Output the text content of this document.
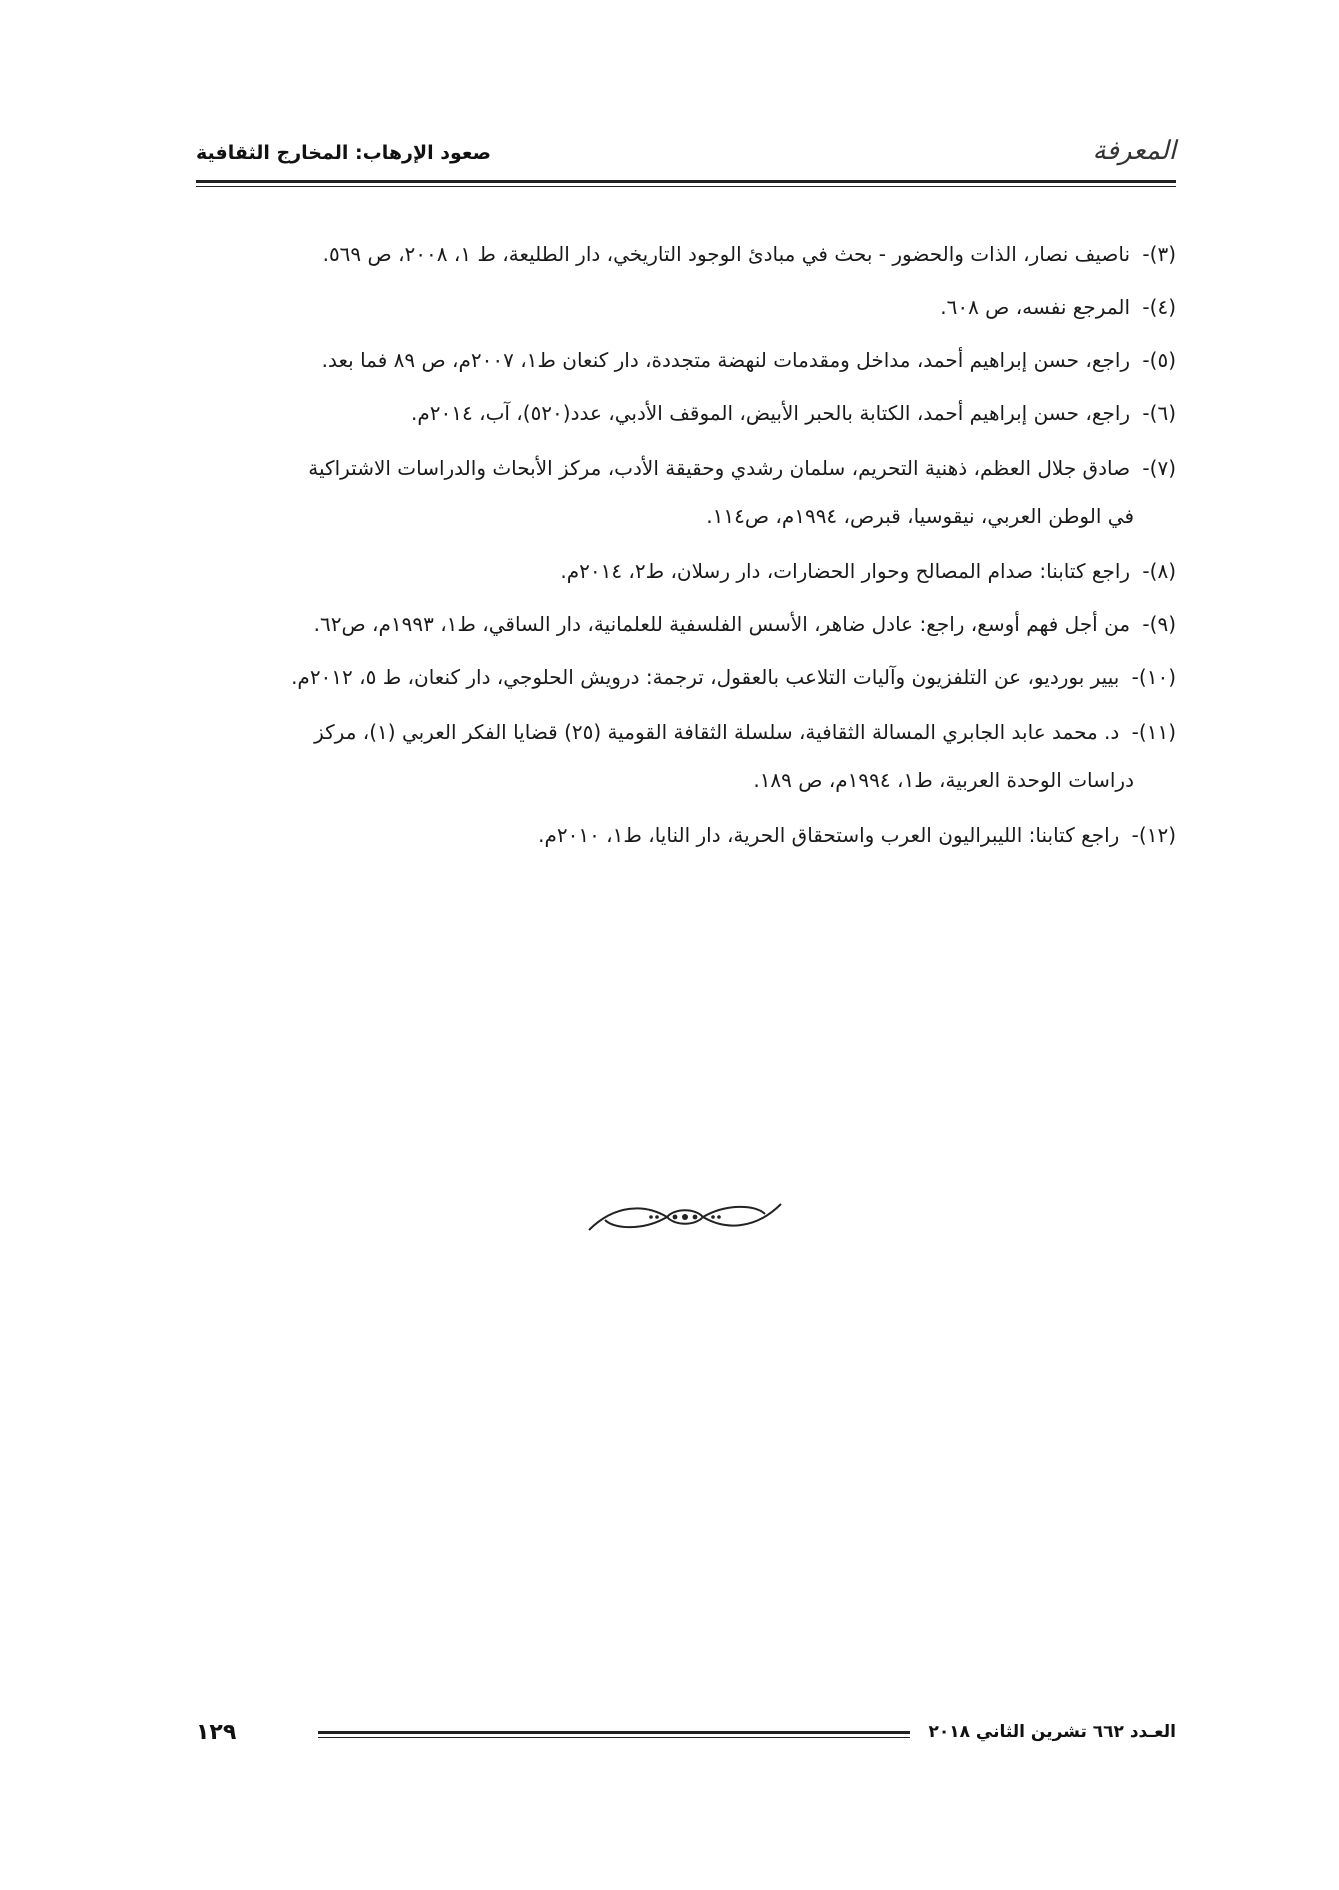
المعرفة
صعود الإرهاب: المخارج الثقافية

(٣)- ناصيف نصار، الذات والحضور - بحث في مبادئ الوجود التاريخي، دار الطليعة، ط ١، ٢٠٠٨، ص ٥٦٩.

(٤)- المرجع نفسه، ص ٦٠٨.

(٥)- راجع، حسن إبراهيم أحمد، مداخل ومقدمات لنهضة متجددة، دار كنعان ط١، ٢٠٠٧م، ص ٨٩ فما بعد.

(٦)- راجع، حسن إبراهيم أحمد، الكتابة بالحبر الأبيض، الموقف الأدبي، عدد(٥٢٠)، آب، ٢٠١٤م.

(٧)- صادق جلال العظم، ذهنية التحريم، سلمان رشدي وحقيقة الأدب، مركز الأبحاث والدراسات الاشتراكية
في الوطن العربي، نيقوسيا، قبرص، ١٩٩٤م، ص١١٤.

(٨)- راجع كتابنا: صدام المصالح وحوار الحضارات، دار رسلان، ط٢، ٢٠١٤م.

(٩)- من أجل فهم أوسع، راجع: عادل ضاهر، الأسس الفلسفية للعلمانية، دار الساقي، ط١، ١٩٩٣م، ص٦٢.

(١٠)- بيير بورديو، عن التلفزيون وآليات التلاعب بالعقول، ترجمة: درويش الحلوجي، دار كنعان، ط ٥، ٢٠١٢م.

(١١)- د. محمد عابد الجابري المسالة الثقافية، سلسلة الثقافة القومية (٢٥) قضايا الفكر العربي (١)، مركز
دراسات الوحدة العربية، ط١، ١٩٩٤م، ص ١٨٩.

(١٢)- راجع كتابنا: الليبراليون العرب واستحقاق الحرية، دار النايا، ط١، ٢٠١٠م.

١٢٩	العـدد ٦٦٢ تشرين الثاني ٢٠١٨
